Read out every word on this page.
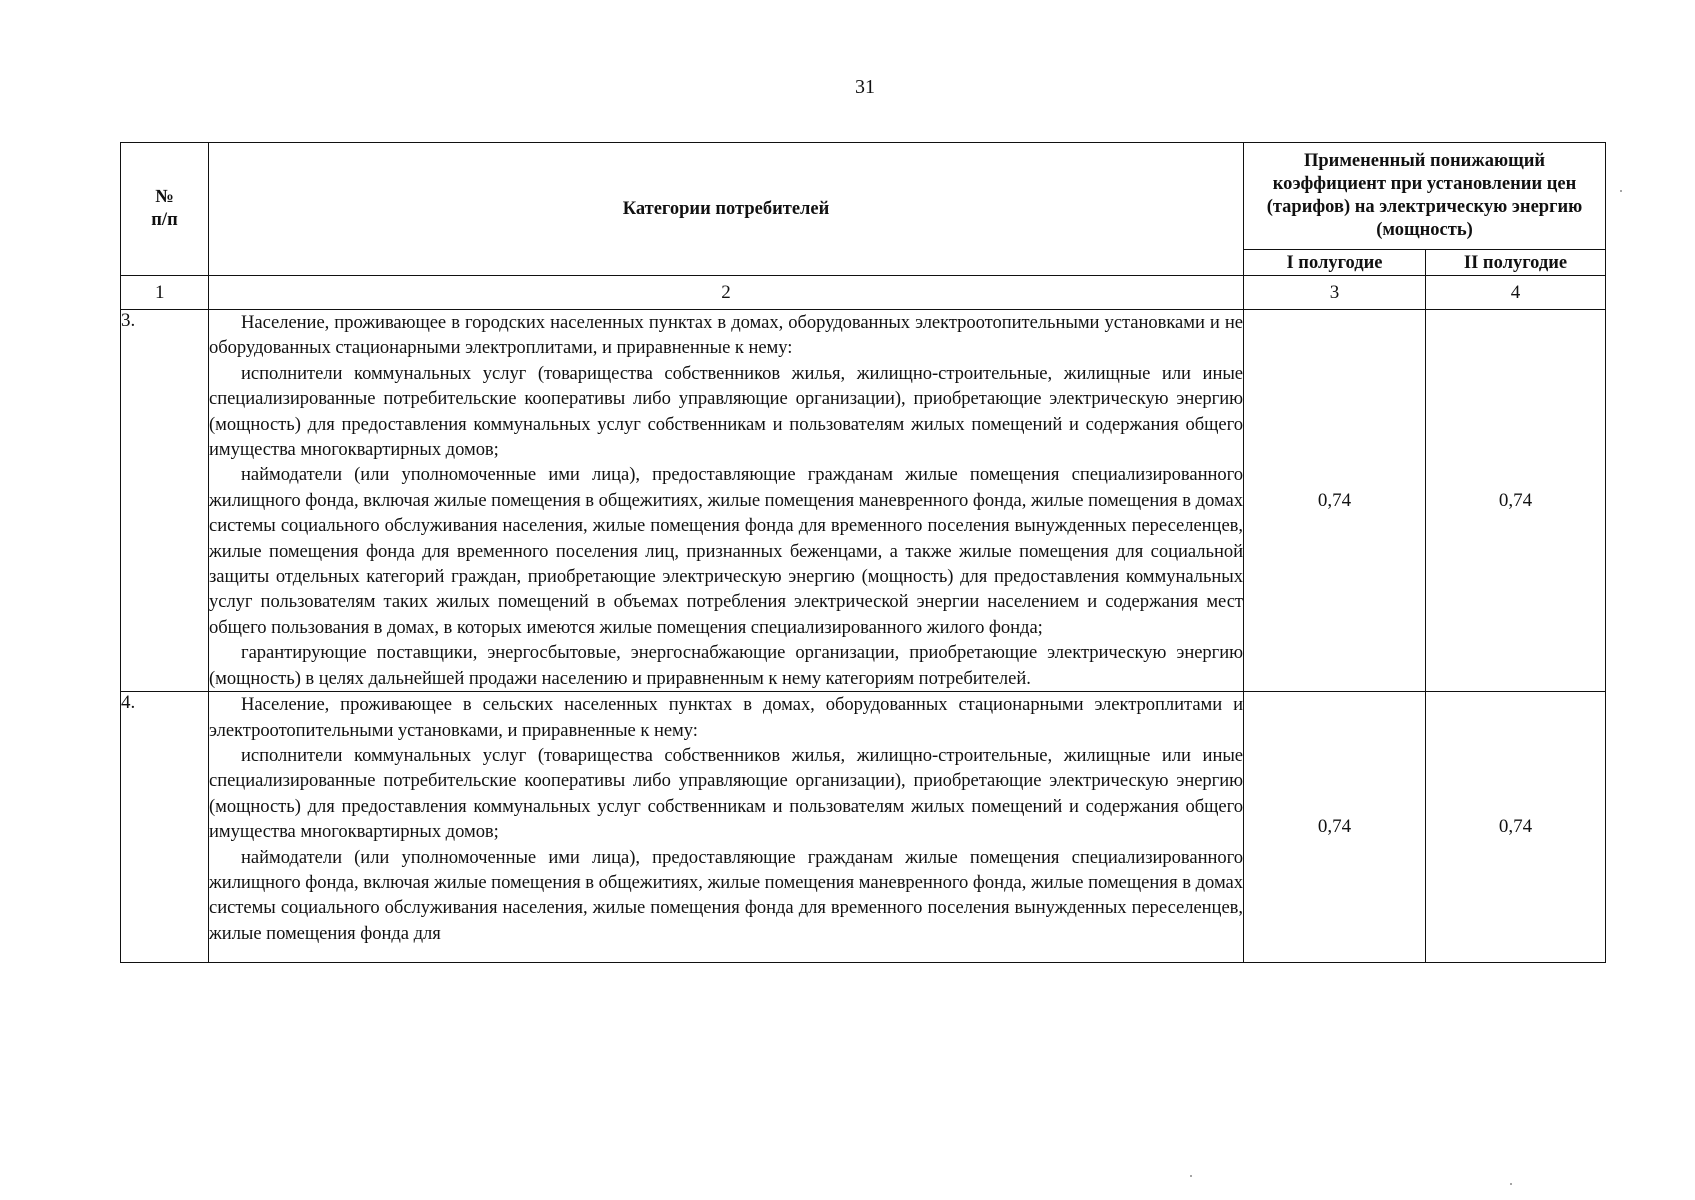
31
№
п/п	Категории потребителей	Примененный понижающий коэффициент при установлении цен (тарифов) на электрическую энергию (мощность)	
		I полугодие	II полугодие
1	2	3	4
3.	Население, проживающее в городских населенных пунктах в домах, оборудованных электроотопительными установками и не оборудованных стационарными электроплитами, и приравненные к нему:

исполнители коммунальных услуг (товарищества собственников жилья, жилищно-строительные, жилищные или иные специализированные потребительские кооперативы либо управляющие организации), приобретающие электрическую энергию (мощность) для предоставления коммунальных услуг собственникам и пользователям жилых помещений и содержания общего имущества многоквартирных домов;

наймодатели (или уполномоченные ими лица), предоставляющие гражданам жилые помещения специализированного жилищного фонда, включая жилые помещения в общежитиях, жилые помещения маневренного фонда, жилые помещения в домах системы социального обслуживания населения, жилые помещения фонда для временного поселения вынужденных переселенцев, жилые помещения фонда для временного поселения лиц, признанных беженцами, а также жилые помещения для социальной защиты отдельных категорий граждан, приобретающие электрическую энергию (мощность) для предоставления коммунальных услуг пользователям таких жилых помещений в объемах потребления электрической энергии населением и содержания мест общего пользования в домах, в которых имеются жилые помещения специализированного жилого фонда;

гарантирующие поставщики, энергосбытовые, энергоснабжающие организации, приобретающие электрическую энергию (мощность) в целях дальнейшей продажи населению и приравненным к нему категориям потребителей.	0,74	0,74
4.	Население, проживающее в сельских населенных пунктах в домах, оборудованных стационарными электроплитами и электроотопительными установками, и приравненные к нему:

исполнители коммунальных услуг (товарищества собственников жилья, жилищно-строительные, жилищные или иные специализированные потребительские кооперативы либо управляющие организации), приобретающие электрическую энергию (мощность) для предоставления коммунальных услуг собственникам и пользователям жилых помещений и содержания общего имущества многоквартирных домов;

наймодатели (или уполномоченные ими лица), предоставляющие гражданам жилые помещения специализированного жилищного фонда, включая жилые помещения в общежитиях, жилые помещения маневренного фонда, жилые помещения в домах системы социального обслуживания населения, жилые помещения фонда для временного поселения вынужденных переселенцев, жилые помещения фонда для	0,74	0,74
